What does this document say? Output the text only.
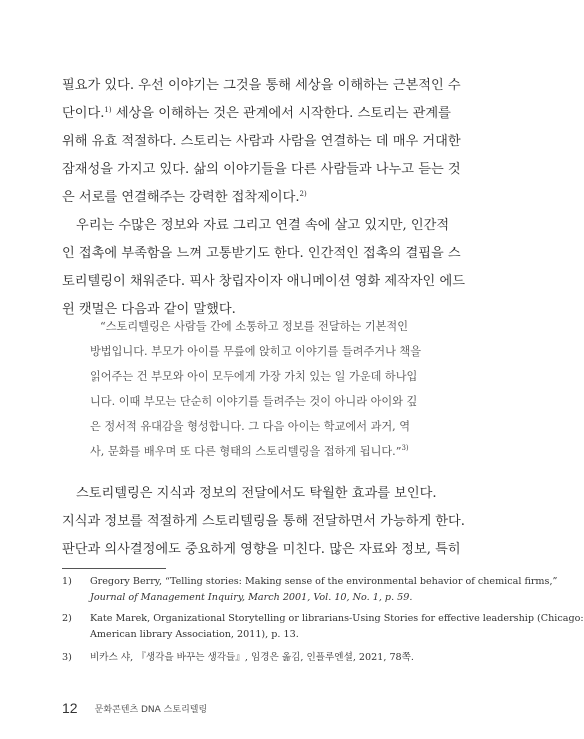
필요가 있다. 우선 이야기는 그것을 통해 세상을 이해하는 근본적인 수
단이다.$^{1)}$ 세상을 이해하는 것은 관계에서 시작한다. 스토리는 관계를
위해 유효 적절하다. 스토리는 사람과 사람을 연결하는 데 매우 거대한
잠재성을 가지고 있다. 삶의 이야기들을 다른 사람들과 나누고 듣는 것
은 서로를 연결해주는 강력한 접착제이다.$^{2)}$
우리는 수많은 정보와 자료 그리고 연결 속에 살고 있지만, 인간적
인 접촉에 부족함을 느껴 고통받기도 한다. 인간적인 접촉의 결핍을 스
토리텔링이 채워준다. 픽사 창립자이자 애니메이션 영화 제작자인 에드
윈 캣멀은 다음과 같이 말했다.
“스토리텔링은 사람들 간에 소통하고 정보를 전달하는 기본적인
방법입니다. 부모가 아이를 무릎에 앉히고 이야기를 들려주거나 책을
읽어주는 건 부모와 아이 모두에게 가장 가치 있는 일 가운데 하나입
니다. 이때 부모는 단순히 이야기를 들려주는 것이 아니라 아이와 깊
은 정서적 유대감을 형성합니다. 그 다음 아이는 학교에서 과거, 역
사, 문화를 배우며 또 다른 형태의 스토리텔링을 접하게 됩니다.”$^{3)}$
스토리텔링은 지식과 정보의 전달에서도 탁월한 효과를 보인다.
지식과 정보를 적절하게 스토리텔링을 통해 전달하면서 가능하게 한다.
판단과 의사결정에도 중요하게 영향을 미친다. 많은 자료와 정보, 특히
1)	Gregory Berry, “Telling stories: Making sense of the environmental behavior of chemical firms,”
Journal of Management Inquiry, March 2001, Vol. 10, No. 1, p. 59.
2)	Kate Marek, Organizational Storytelling or librarians-Using Stories for effective leadership (Chicago:
American library Association, 2011), p. 13.
3)	비카스 샤, 『생각을 바꾸는 생각들』, 임경은 옮김, 인플루엔셜, 2021, 78쪽.
12 문화콘텐츠 DNA 스토리텔링
